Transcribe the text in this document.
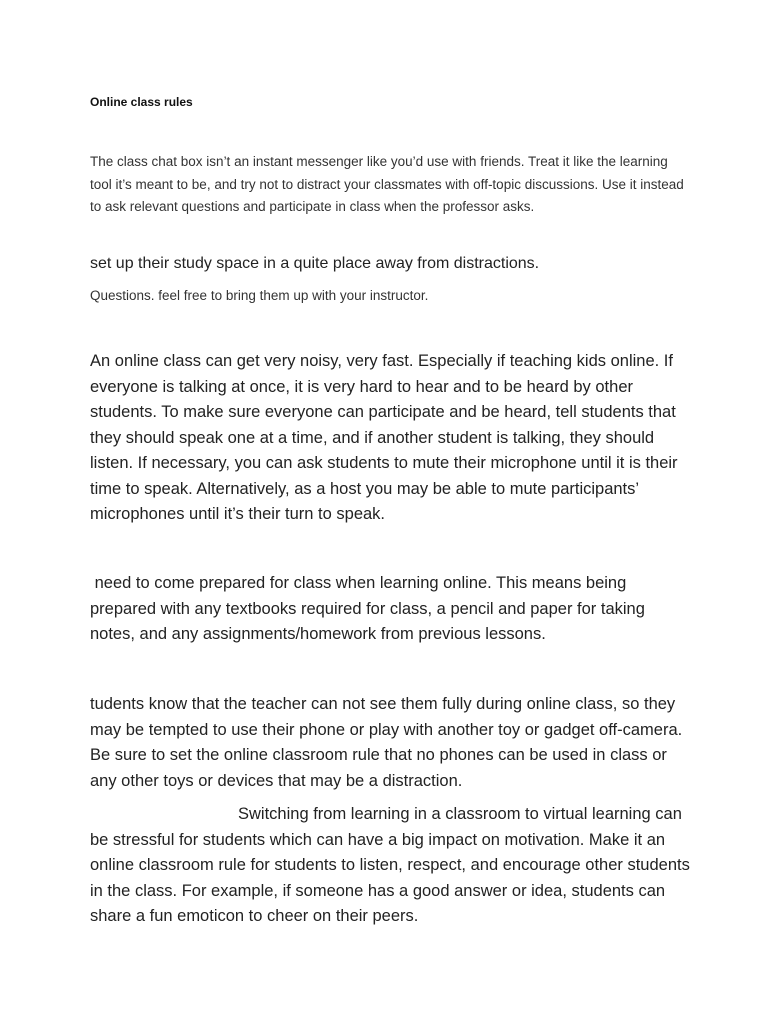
Online class rules

The class chat box isn’t an instant messenger like you’d use with friends. Treat it like the learning tool it’s meant to be, and try not to distract your classmates with off-topic discussions. Use it instead to ask relevant questions and participate in class when the professor asks.

set up their study space in a quite place away from distractions.

Questions. feel free to bring them up with your instructor.

An online class can get very noisy, very fast. Especially if teaching kids online. If everyone is talking at once, it is very hard to hear and to be heard by other students. To make sure everyone can participate and be heard, tell students that they should speak one at a time, and if another student is talking, they should listen. If necessary, you can ask students to mute their microphone until it is their time to speak. Alternatively, as a host you may be able to mute participants’ microphones until it’s their turn to speak.

need to come prepared for class when learning online. This means being prepared with any textbooks required for class, a pencil and paper for taking notes, and any assignments/homework from previous lessons.

tudents know that the teacher can not see them fully during online class, so they may be tempted to use their phone or play with another toy or gadget off-camera. Be sure to set the online classroom rule that no phones can be used in class or any other toys or devices that may be a distraction.

Switching from learning in a classroom to virtual learning can be stressful for students which can have a big impact on motivation. Make it an online classroom rule for students to listen, respect, and encourage other students in the class. For example, if someone has a good answer or idea, students can share a fun emoticon to cheer on their peers.
